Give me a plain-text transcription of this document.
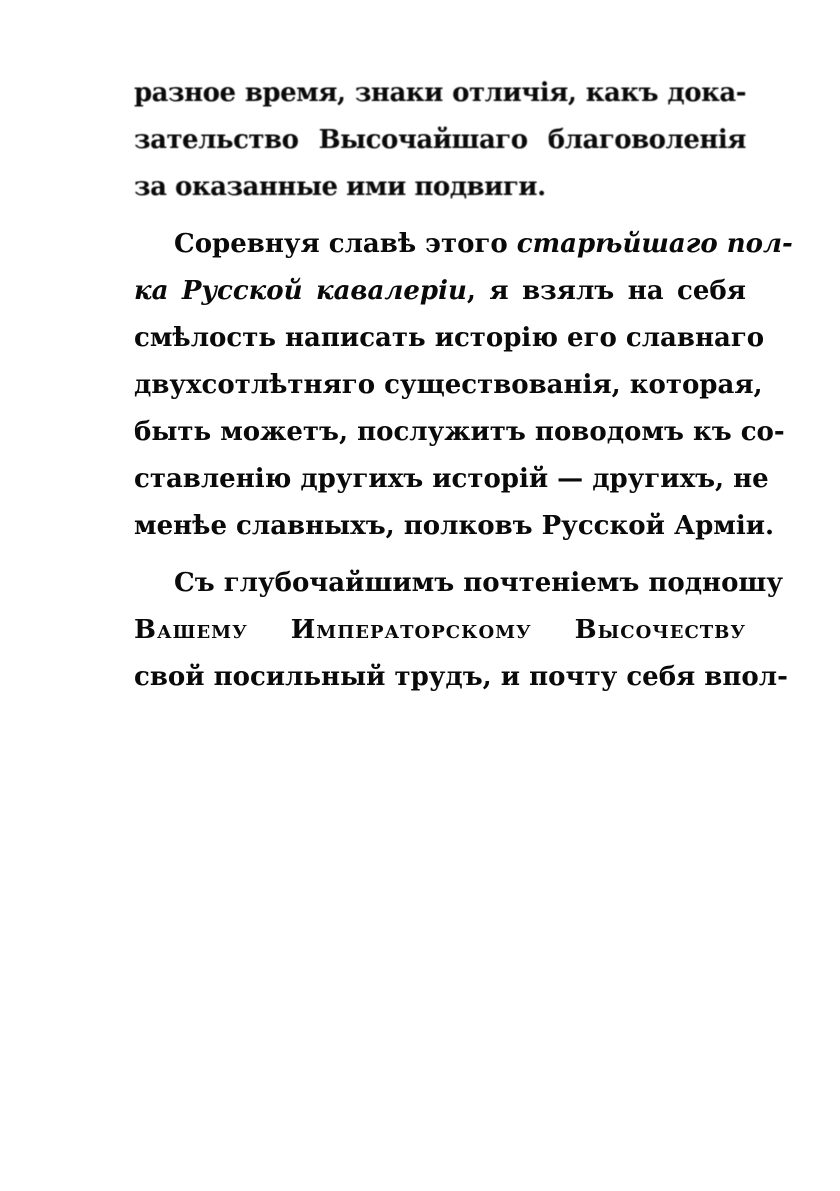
разное время, знаки отличія, какъ дока-
зательство Высочайшаго благоволенія
за оказанные ими подвиги.
Соревнуя славѣ этого старѣйшаго пол-
ка Русской кавалеріи, я взялъ на себя
смѣлость написать исторію его славнаго
двухсотлѣтняго существованія, которая,
быть можетъ, послужитъ поводомъ къ со-
ставленію другихъ исторій — другихъ, не
менѣе славныхъ, полковъ Русской Арміи.
Съ глубочайшимъ почтеніемъ подношу
Вашему Императорскому Высочеству
свой посильный трудъ, и почту себя впол-
